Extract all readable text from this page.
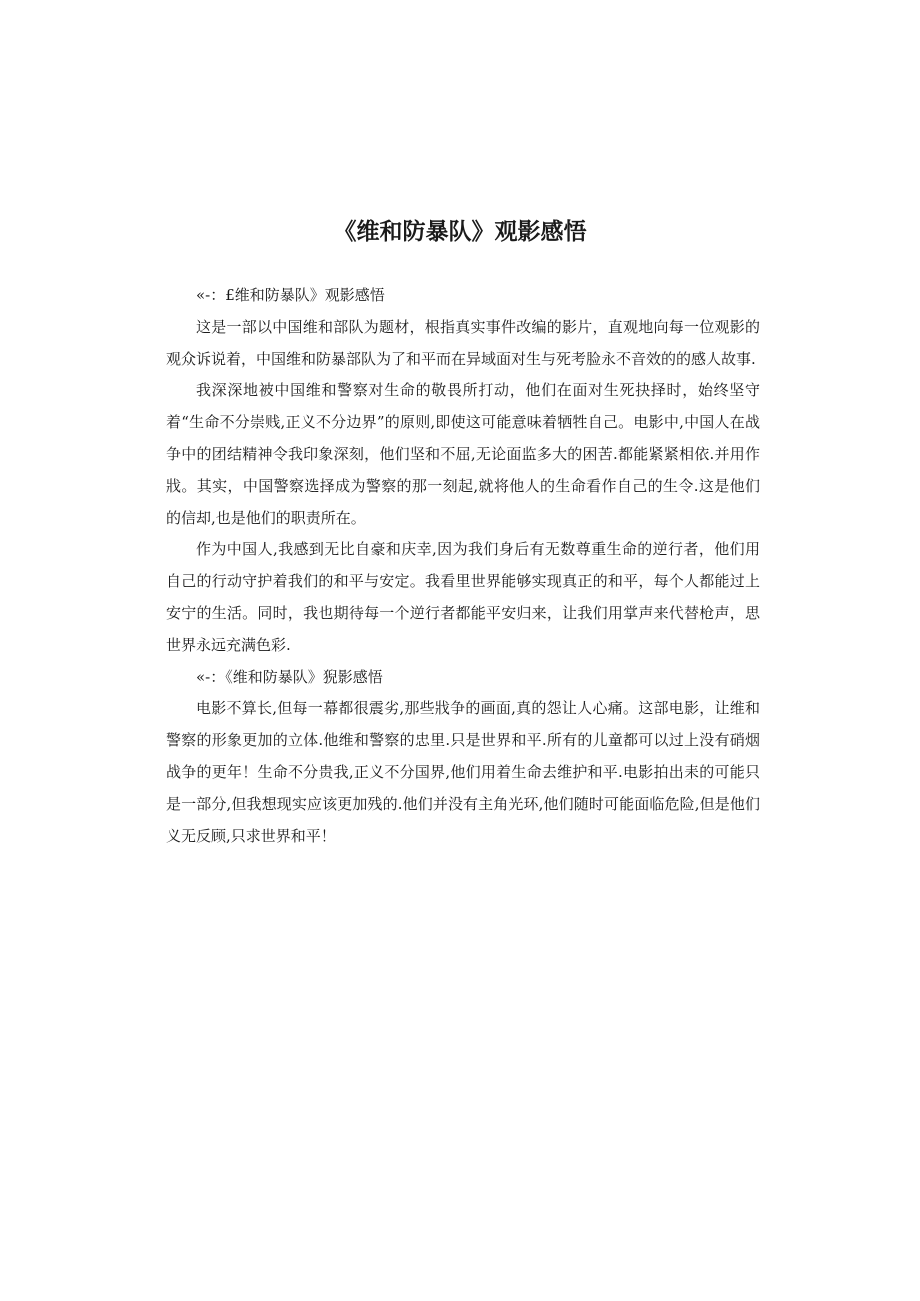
《维和防暴队》观影感悟

«-：£维和防暴队》观影感悟

这是一部以中国维和部队为题材，根指真实事件改编的影片，直观地向每一位观影的观众诉说着，中国维和防暴部队为了和平而在异域面对生与死考脸永不音效的的感人故事.

我深深地被中国维和警察对生命的敬畏所打动，他们在面对生死抉择时，始终坚守着“生命不分崇贱,正义不分边界”的原则,即使这可能意味着牺牲自己。电影中,中国人在战争中的团结精神令我印象深刻，他们坚和不屈,无论面监多大的困苦.都能紧紧相依.并用作戕。其实，中国警察选择成为警察的那一刻起,就将他人的生命看作自己的生令.这是他们的信却,也是他们的职责所在。

作为中国人,我感到无比自豪和庆幸,因为我们身后有无数尊重生命的逆行者，他们用自己的行动守护着我们的和平与安定。我看里世界能够实现真正的和平，每个人都能过上安宁的生活。同时，我也期待每一个逆行者都能平安归来，让我们用掌声来代替枪声，思世界永远充满色彩.

«-：《维和防暴队》猊影感悟

电影不算长,但每一幕都很震劣,那些戕争的画面,真的怨让人心痛。这部电影，让维和警察的形象更加的立体.他维和警察的忠里.只是世界和平.所有的儿童都可以过上没有硝烟战争的更年！生命不分贵我,正义不分国界,他们用着生命去维护和平.电影拍出耒的可能只是一部分,但我想现实应该更加残的.他们并没有主角光环,他们随时可能面临危险,但是他们义无反顾,只求世界和平！
